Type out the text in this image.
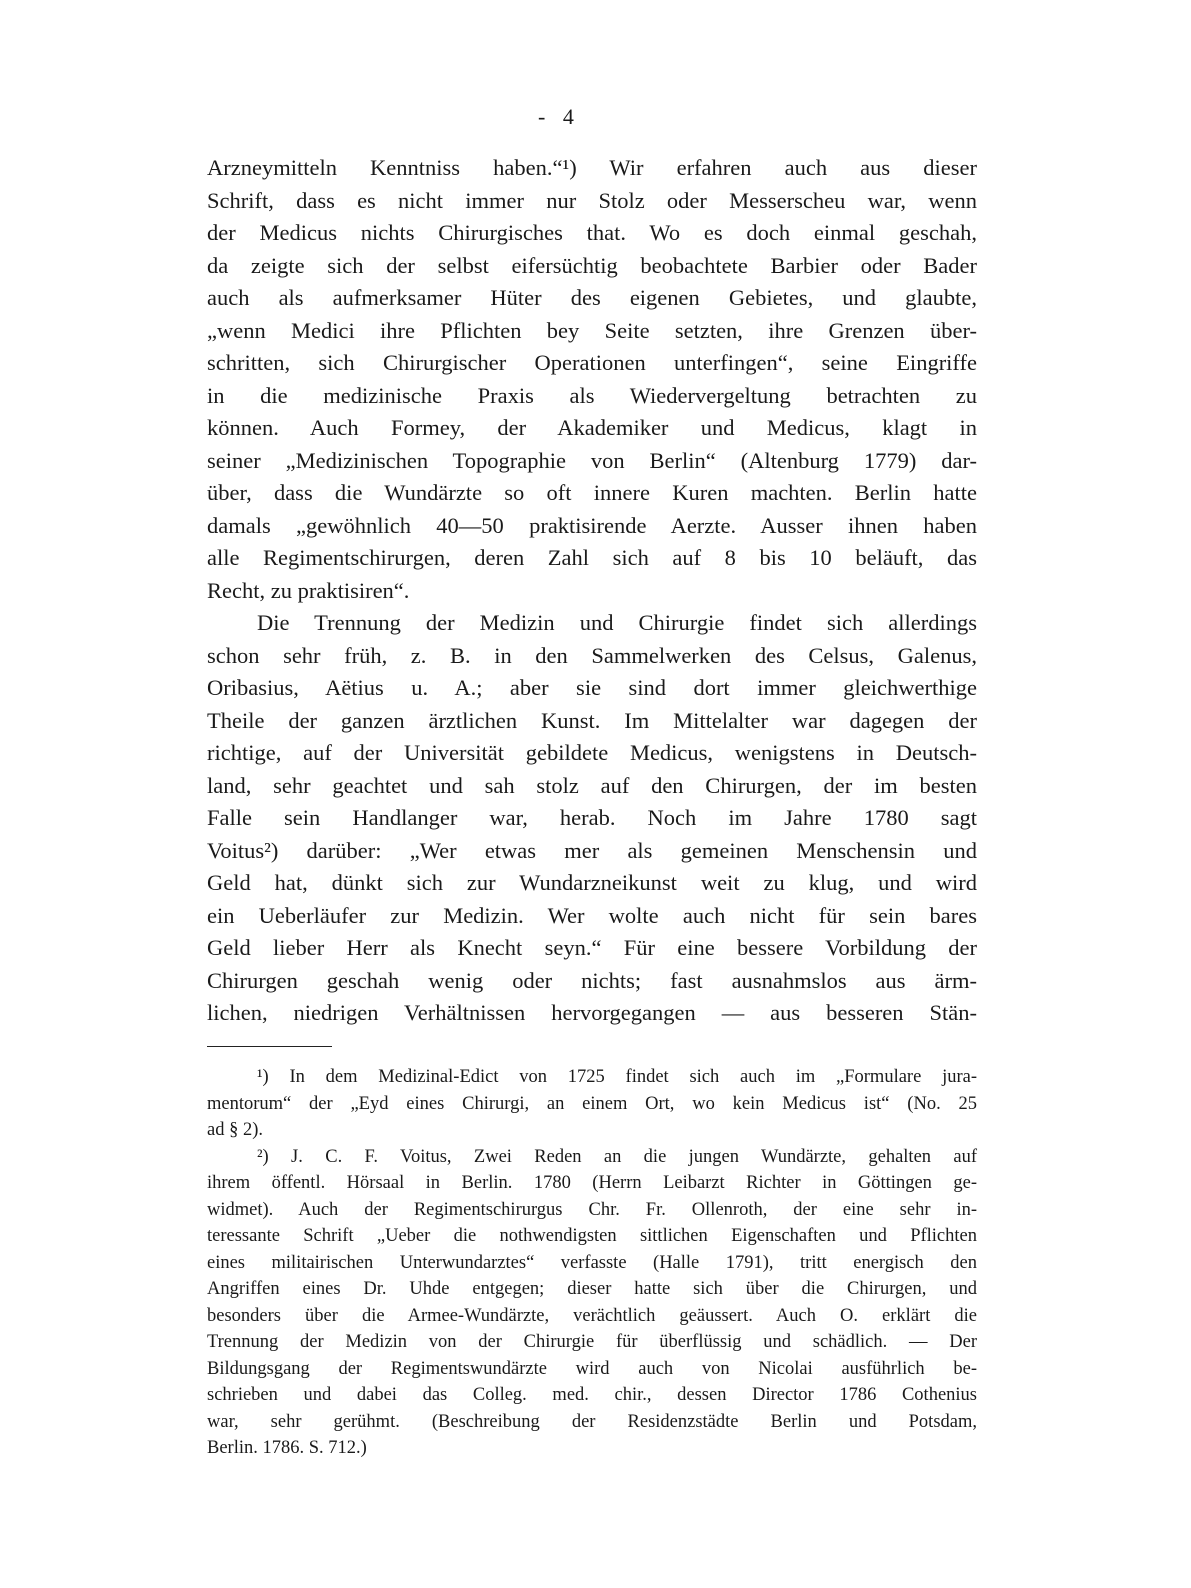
- 4
Arzneymitteln Kenntniss haben.“¹) Wir erfahren auch aus dieser
Schrift, dass es nicht immer nur Stolz oder Messerscheu war, wenn
der Medicus nichts Chirurgisches that. Wo es doch einmal geschah,
da zeigte sich der selbst eifersüchtig beobachtete Barbier oder Bader
auch als aufmerksamer Hüter des eigenen Gebietes, und glaubte,
„wenn Medici ihre Pflichten bey Seite setzten, ihre Grenzen über-
schritten, sich Chirurgischer Operationen unterfingen“, seine Eingriffe
in die medizinische Praxis als Wiedervergeltung betrachten zu
können. Auch Formey, der Akademiker und Medicus, klagt in
seiner „Medizinischen Topographie von Berlin“ (Altenburg 1779) dar-
über, dass die Wundärzte so oft innere Kuren machten. Berlin hatte
damals „gewöhnlich 40—50 praktisirende Aerzte. Ausser ihnen haben
alle Regimentschirurgen, deren Zahl sich auf 8 bis 10 beläuft, das
Recht, zu praktisiren“.
Die Trennung der Medizin und Chirurgie findet sich allerdings
schon sehr früh, z. B. in den Sammelwerken des Celsus, Galenus,
Oribasius, Aëtius u. A.; aber sie sind dort immer gleichwerthige
Theile der ganzen ärztlichen Kunst. Im Mittelalter war dagegen der
richtige, auf der Universität gebildete Medicus, wenigstens in Deutsch-
land, sehr geachtet und sah stolz auf den Chirurgen, der im besten
Falle sein Handlanger war, herab. Noch im Jahre 1780 sagt
Voitus²) darüber: „Wer etwas mer als gemeinen Menschensin und
Geld hat, dünkt sich zur Wundarzneikunst weit zu klug, und wird
ein Ueberläufer zur Medizin. Wer wolte auch nicht für sein bares
Geld lieber Herr als Knecht seyn.“ Für eine bessere Vorbildung der
Chirurgen geschah wenig oder nichts; fast ausnahmslos aus ärm-
lichen, niedrigen Verhältnissen hervorgegangen — aus besseren Stän-
¹) In dem Medizinal-Edict von 1725 findet sich auch im „Formulare jura-
mentorum“ der „Eyd eines Chirurgi, an einem Ort, wo kein Medicus ist“ (No. 25
ad § 2).
²) J. C. F. Voitus, Zwei Reden an die jungen Wundärzte, gehalten auf
ihrem öffentl. Hörsaal in Berlin. 1780 (Herrn Leibarzt Richter in Göttingen ge-
widmet). Auch der Regimentschirurgus Chr. Fr. Ollenroth, der eine sehr in-
teressante Schrift „Ueber die nothwendigsten sittlichen Eigenschaften und Pflichten
eines militairischen Unterwundarztes“ verfasste (Halle 1791), tritt energisch den
Angriffen eines Dr. Uhde entgegen; dieser hatte sich über die Chirurgen, und
besonders über die Armee-Wundärzte, verächtlich geäussert. Auch O. erklärt die
Trennung der Medizin von der Chirurgie für überflüssig und schädlich. — Der
Bildungsgang der Regimentswundärzte wird auch von Nicolai ausführlich be-
schrieben und dabei das Colleg. med. chir., dessen Director 1786 Cothenius
war, sehr gerühmt. (Beschreibung der Residenzstädte Berlin und Potsdam,
Berlin. 1786. S. 712.)
